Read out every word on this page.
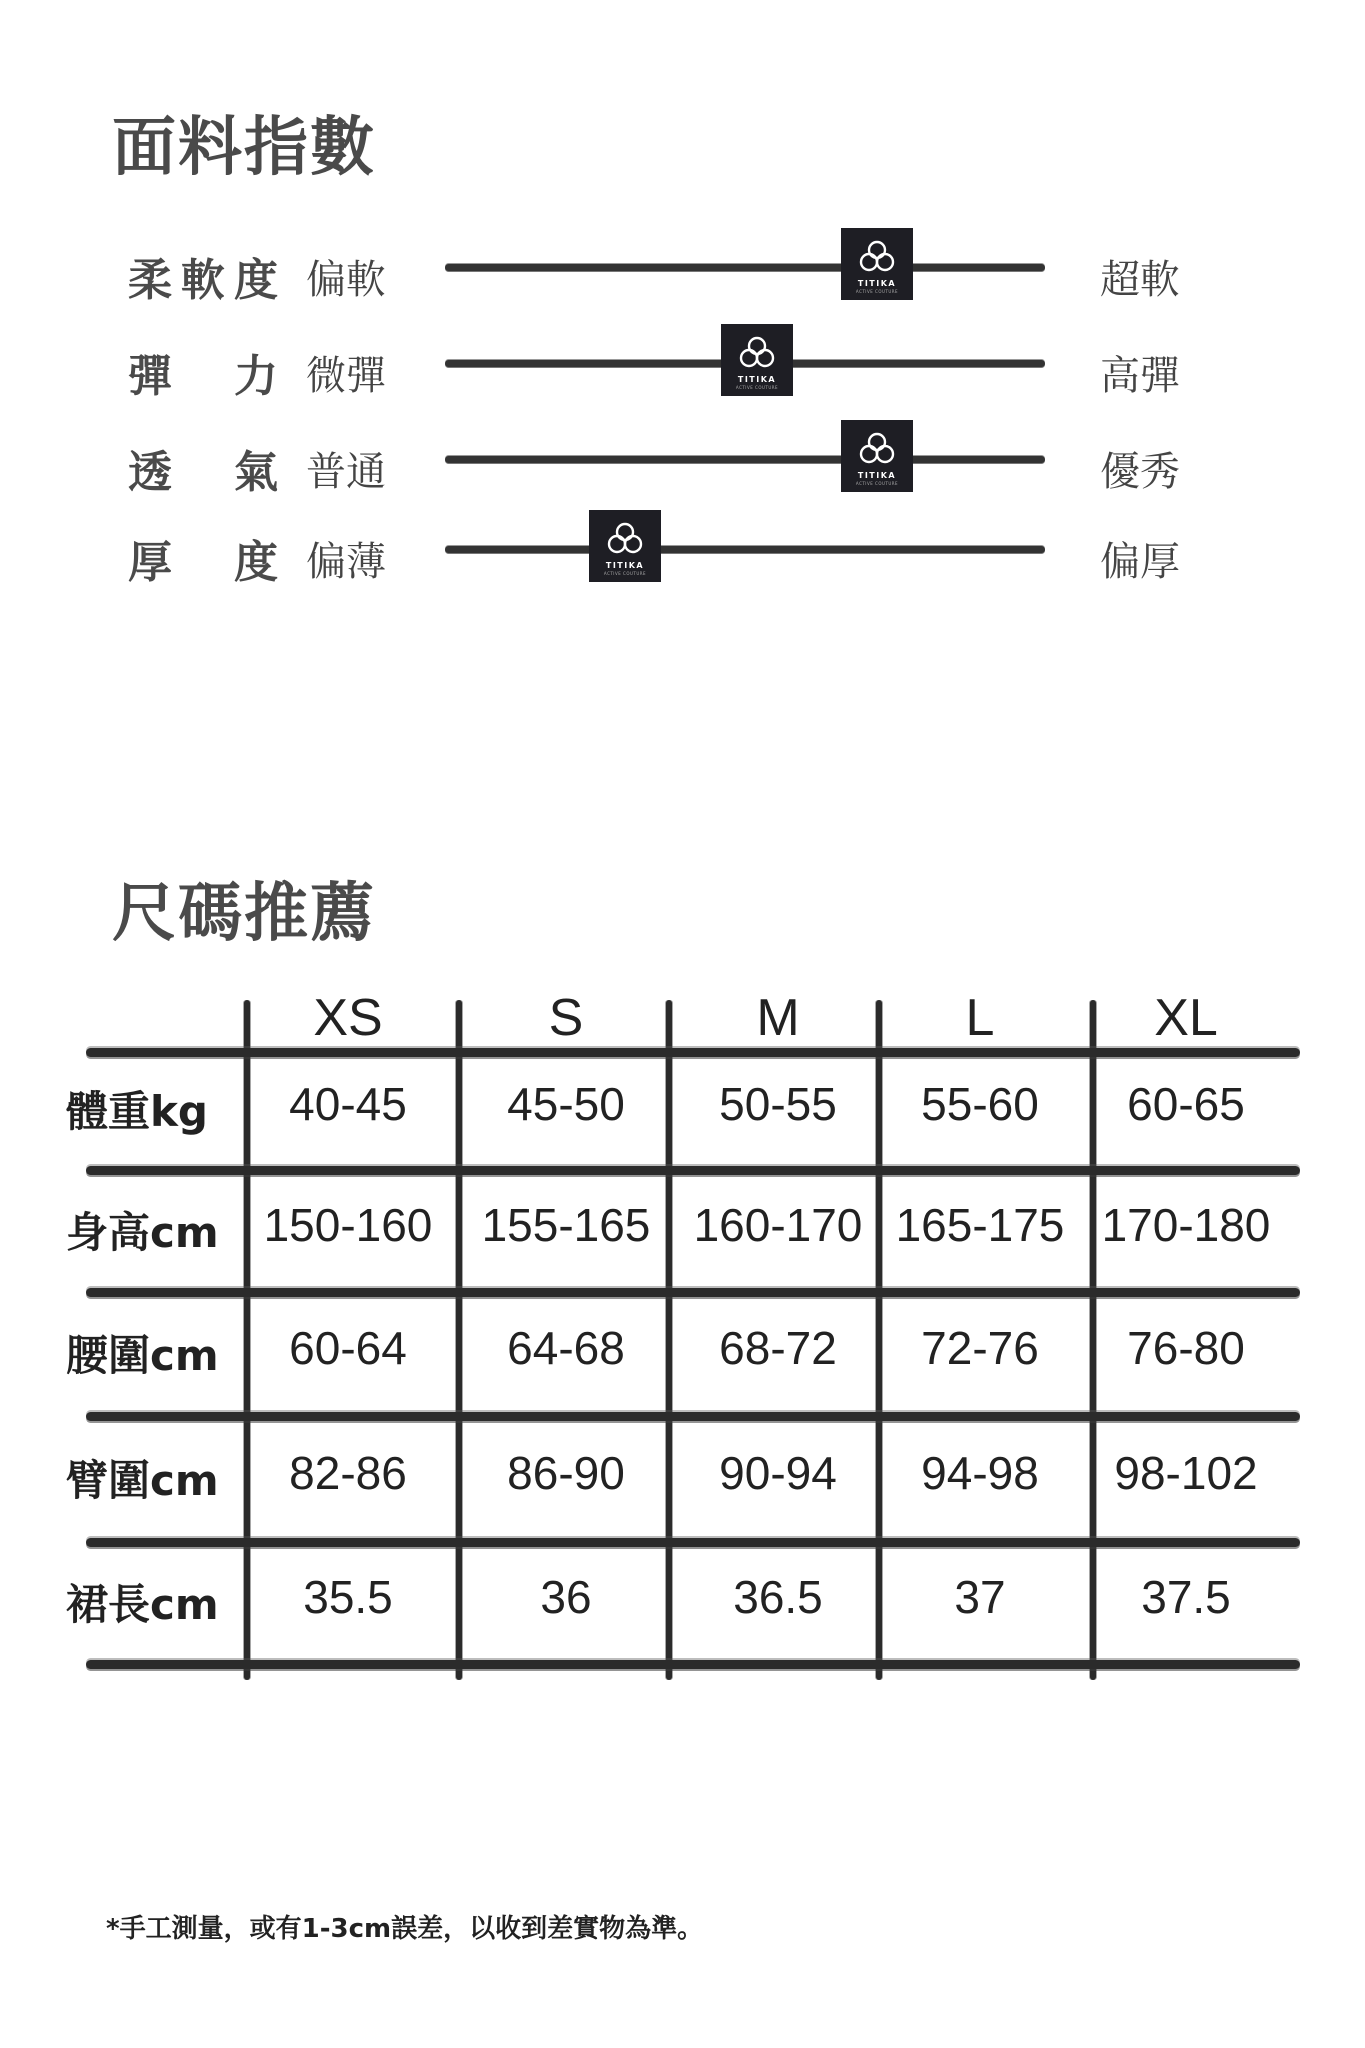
面料指數
柔 軟 度 偏軟	TITIKA
ACTIVE COUTURE	超軟
彈 力 微彈	TITIKA
ACTIVE COUTURE	高彈
透 氣 普通	TITIKA
ACTIVE COUTURE	優秀
厚 度 偏薄	TITIKA
ACTIVE COUTURE	偏厚
尺碼推薦
XS	S	M	L	XL
體重kg	40-45	45-50	50-55	55-60	60-65
身高cm 150-160	155-165 160-170 165-175 170-180
腰圍cm	60-64	64-68	68-72	72-76	76-80
臂圍cm	82-86	86-90	90-94	94-98	98-102
裙長cm	35.5	36	36.5	37	37.5

*手工測量，或有1-3cm誤差，以收到差實物為準。
